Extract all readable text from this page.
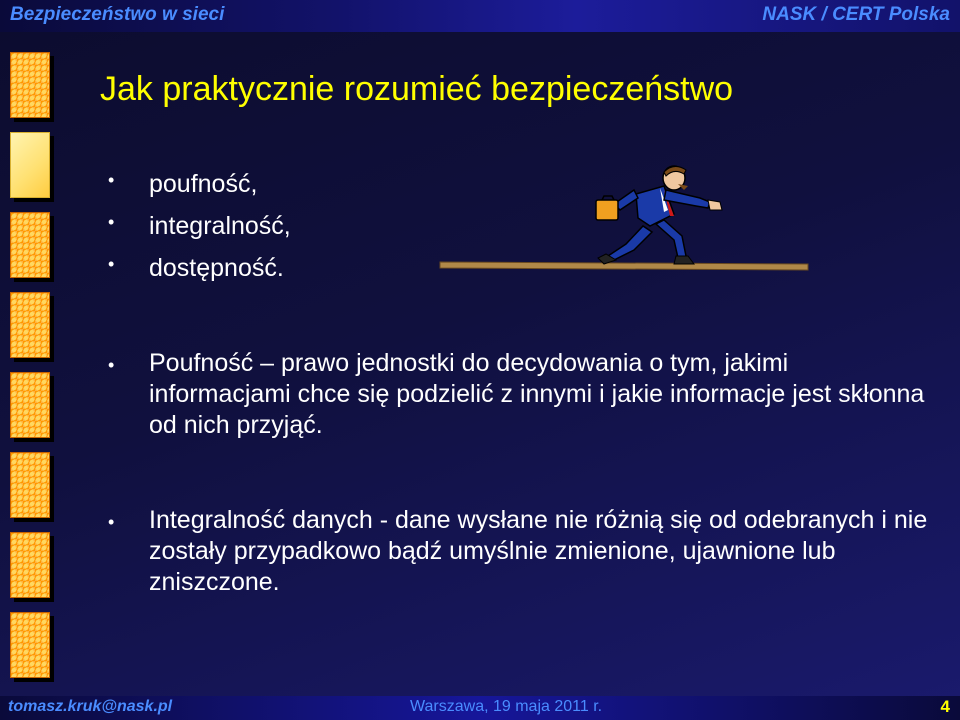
Bezpieczeństwo w sieci	NASK / CERT Polska
Jak praktycznie rozumieć bezpieczeństwo
• poufność,
• integralność,
• dostępność.
•	Poufność – prawo jednostki do decydowania o tym, jakimi informacjami chce się podzielić z innymi i jakie informacje jest skłonna od nich przyjąć.
•	Integralność danych - dane wysłane nie różnią się od odebranych i nie zostały przypadkowo bądź umyślnie zmienione, ujawnione lub zniszczone.
tomasz.kruk@nask.pl	Warszawa, 19 maja 2011 r.	4
